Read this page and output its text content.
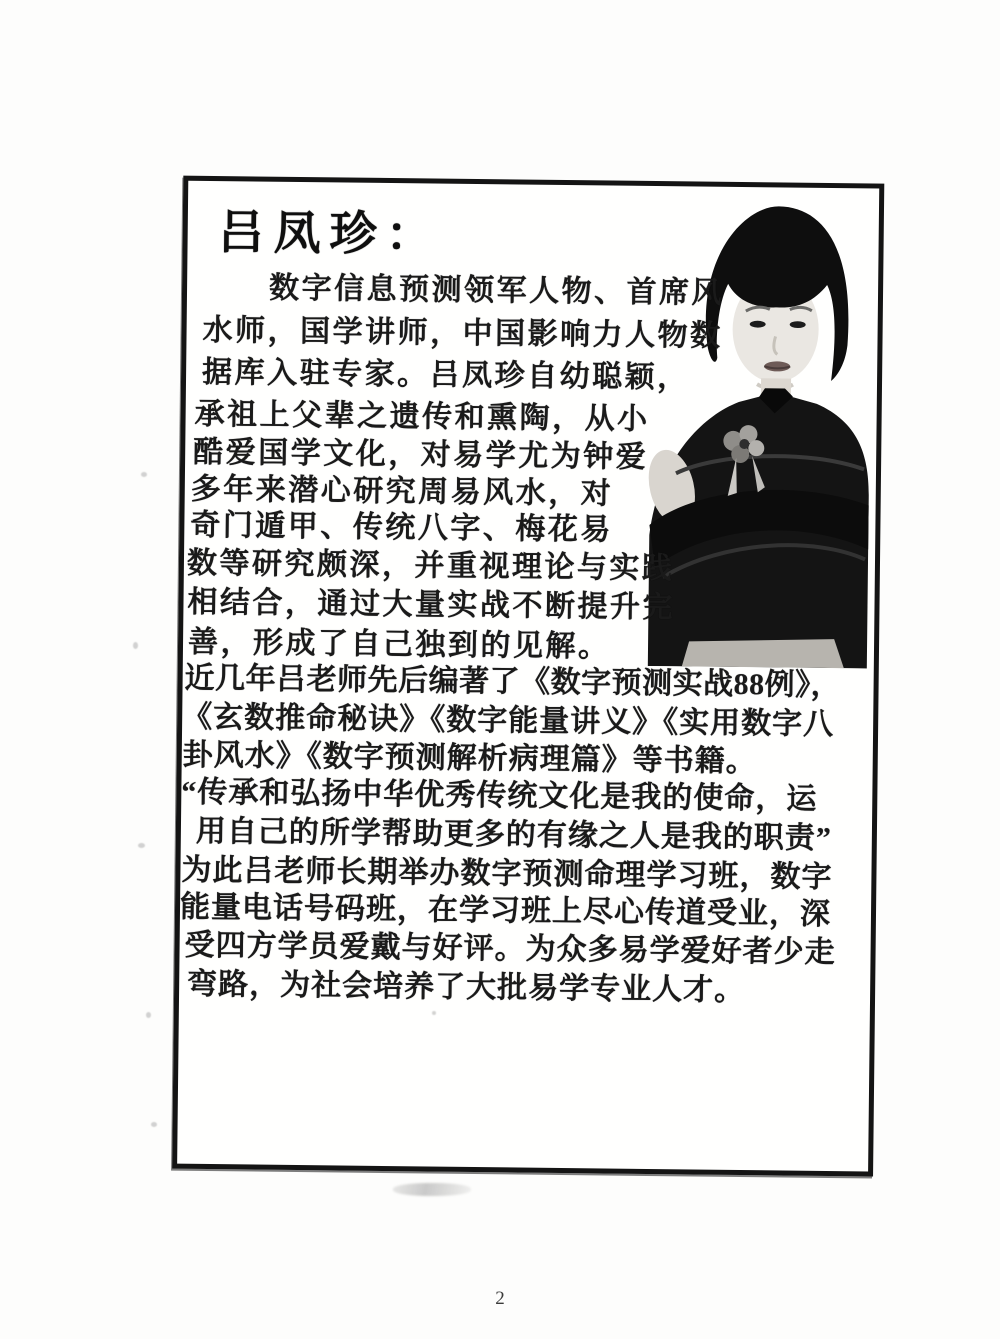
吕凤珍：
数字信息预测领军人物、首席风
水师，国学讲师，中国影响力人物数
据库入驻专家。吕凤珍自幼聪颖，
承祖上父辈之遗传和熏陶，从小
酷爱国学文化，对易学尤为钟爱
多年来潜心研究周易风水，对
奇门遁甲、传统八字、梅花易
数等研究颇深，并重视理论与实践
相结合，通过大量实战不断提升完
善，形成了自己独到的见解。
近几年吕老师先后编著了《数字预测实战88例》，
《玄数推命秘诀》《数字能量讲义》《实用数字八
卦风水》《数字预测解析病理篇》等书籍。
“传承和弘扬中华优秀传统文化是我的使命，运
用自己的所学帮助更多的有缘之人是我的职责”
为此吕老师长期举办数字预测命理学习班，数字
能量电话号码班，在学习班上尽心传道受业，深
受四方学员爱戴与好评。为众多易学爱好者少走
弯路，为社会培养了大批易学专业人才。
2
